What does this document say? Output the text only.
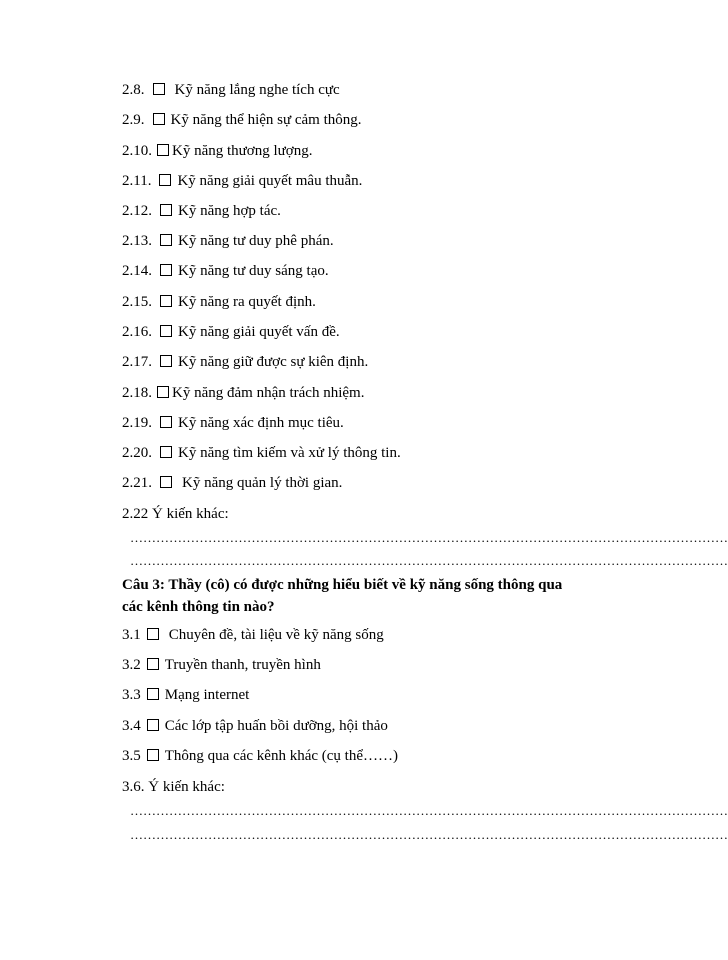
2.8. Kỹ năng lắng nghe tích cực
2.9. Kỹ năng thể hiện sự cảm thông.
2.10. Kỹ năng thương lượng.
2.11. Kỹ năng giải quyết mâu thuẫn.
2.12. Kỹ năng hợp tác.
2.13. Kỹ năng tư duy phê phán.
2.14. Kỹ năng tư duy sáng tạo.
2.15. Kỹ năng ra quyết định.
2.16. Kỹ năng giải quyết vấn đề.
2.17. Kỹ năng giữ được sự kiên định.
2.18. Kỹ năng đảm nhận trách nhiệm.
2.19. Kỹ năng xác định mục tiêu.
2.20. Kỹ năng tìm kiếm và xử lý thông tin.
2.21. Kỹ năng quản lý thời gian.
2.22 Ý kiến khác:
…………………………………………………………………………………………………………………………
…………………………………………………………………………………………………………………………
Câu 3: Thầy (cô) có được những hiểu biết về kỹ năng sống thông qua
các kênh thông tin nào?
3.1 Chuyên đề, tài liệu về kỹ năng sống
3.2 Truyền thanh, truyền hình
3.3 Mạng internet
3.4 Các lớp tập huấn bồi dưỡng, hội thảo
3.5 Thông qua các kênh khác (cụ thể……)
3.6. Ý kiến khác:
…………………………………………………………………………………………………………………………
…………………………………………………………………………………………………………………………
